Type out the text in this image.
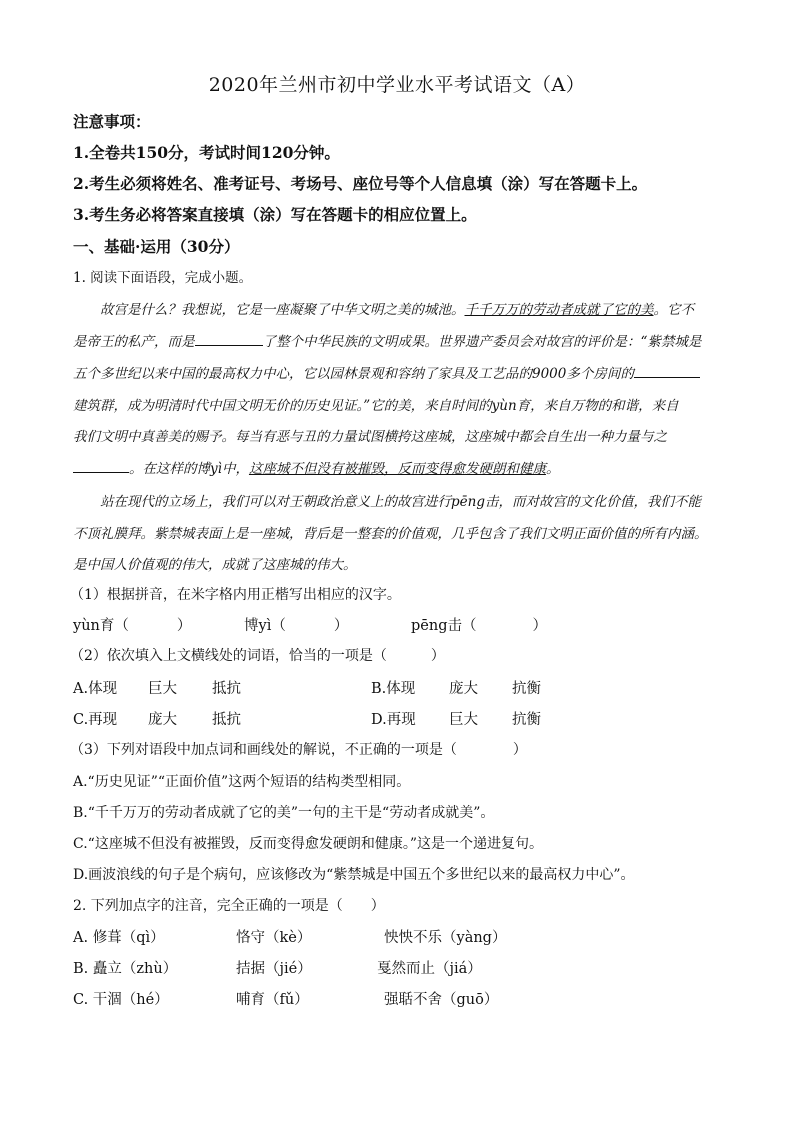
2020年兰州市初中学业水平考试语文（A）
注意事项：
1.全卷共150分，考试时间120分钟。
2.考生必须将姓名、准考证号、考场号、座位号等个人信息填（涂）写在答题卡上。
3.考生务必将答案直接填（涂）写在答题卡的相应位置上。
一、基础·运用（30分）
1. 阅读下面语段，完成小题。
故宫是什么？我想说，它是一座凝聚了中华文明之美的城池。千千万万的劳动者成就了它的美。它不
是帝王的私产，而是	了整个中华民族的文明成果。世界遗产委员会对故宫的评价是：“紫禁城是
五个多世纪以来中国的最高权力中心，它以园林景观和容纳了家具及工艺品的9000多个房间的
建筑群，成为明清时代中国文明无价的历史见证。”它的美，来自时间的yùn育，来自万物的和谐，来自
我们文明中真善美的赐予。每当有恶与丑的力量试图横挎这座城，这座城中都会自生出一种力量与之
。在这样的博yì中，这座城不但没有被摧毁，反而变得愈发硬朗和健康。
站在现代的立场上，我们可以对王朝政治意义上的故宫进行pēng击，而对故宫的文化价值，我们不能
不顶礼膜拜。紫禁城表面上是一座城，背后是一整套的价值观，几乎包含了我们文明正面价值的所有内涵。
是中国人价值观的伟大，成就了这座城的伟大。
（1）根据拼音，在米字格内用正楷写出相应的汉字。
yùn育（	）	博yì（	）	pēng击（	）
（2）依次填入上文横线处的词语，恰当的一项是（	）
A.体现 巨大 抵抗	B.体现 庞大 抗衡
C.再现 庞大 抵抗	D.再现 巨大 抗衡
（3）下列对语段中加点词和画线处的解说，不正确的一项是（	）
A.“历史见证”“正面价值”这两个短语的结构类型相同。
B.“千千万万的劳动者成就了它的美”一句的主干是“劳动者成就美”。
C.“这座城不但没有被摧毁，反而变得愈发硬朗和健康。”这是一个递进复句。
D.画波浪线的句子是个病句，应该修改为“紫禁城是中国五个多世纪以来的最高权力中心”。
2. 下列加点字的注音，完全正确的一项是（　　）
A. 修葺（qì）	恪守（kè）	怏怏不乐（yàng）
B. 矗立（zhù）	拮据（jié）	戛然而止（jiá）
C. 干涸（hé）	哺育（fǔ）	强聒不舍（guō）
